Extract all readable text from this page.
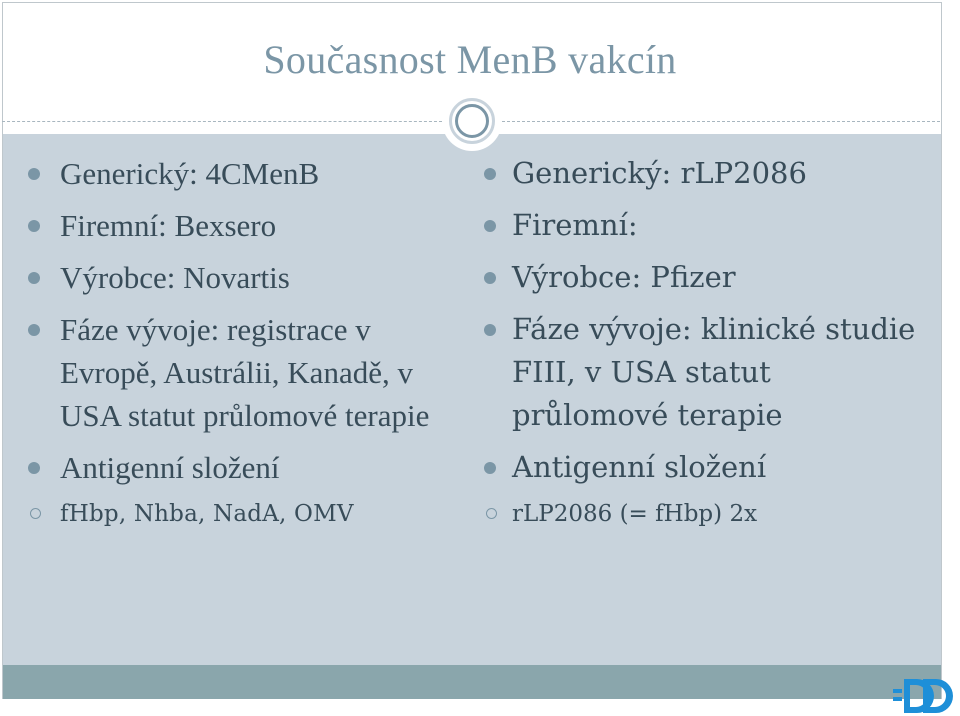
Současnost MenB vakcín

Generický: 4CMenB

Firemní: Bexsero

Výrobce: Novartis

Fáze vývoje: registrace v Evropě, Austrálii, Kanadě, v USA statut průlomové terapie

Antigenní složení

fHbp, Nhba, NadA, OMV

Generický: rLP2086

Firemní:

Výrobce: Pfizer

Fáze vývoje: klinické studie FIII, v USA statut průlomové terapie

Antigenní složení

rLP2086 (= fHbp) 2x
